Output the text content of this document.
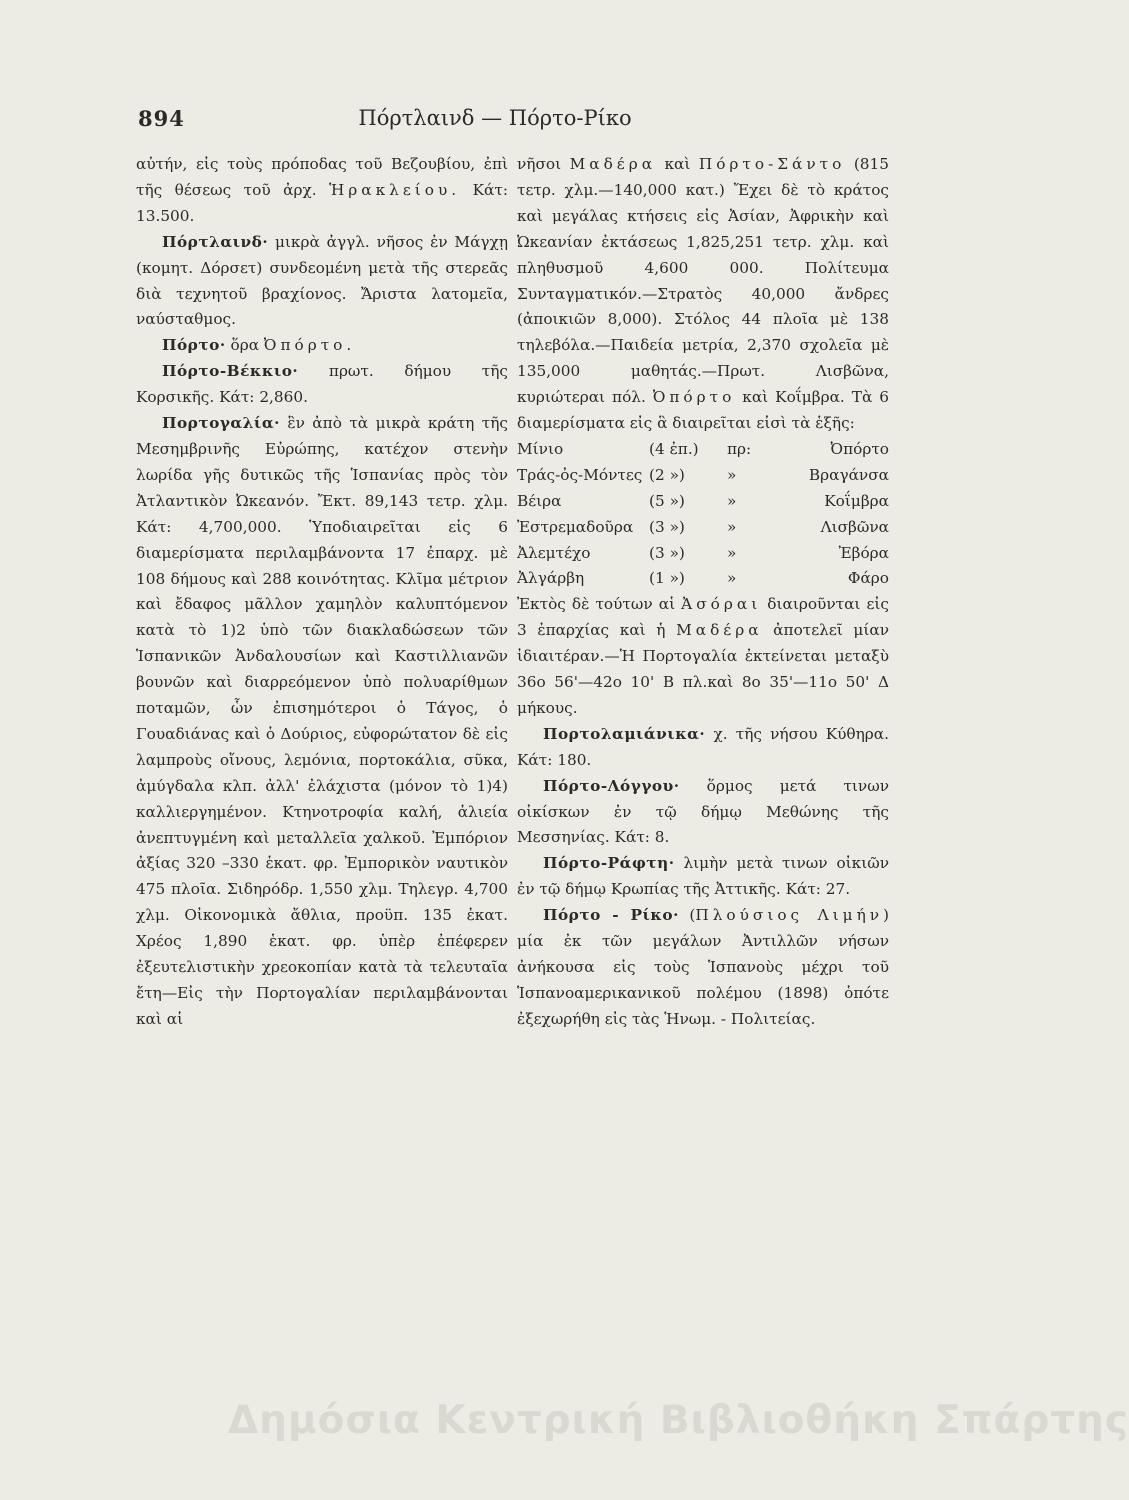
894	Πόρτλαινδ — Πόρτο-Ρίκο

αὐτήν, εἰς τοὺς πρόποδας τοῦ Βεζουβίου, ἐπὶ τῆς θέσεως τοῦ ἀρχ. Ἡρακλείου. Κάτ: 13.500.

Πόρτλαινδ· μικρὰ ἀγγλ. νῆσος ἐν Μάγχῃ (κομητ. Δόρσετ) συνδεομένη μετὰ τῆς στερεᾶς διὰ τεχνητοῦ βραχίονος. Ἄριστα λατομεῖα, ναύσταθμος.

Πόρτο· ὅρα Ὀπόρτο.

Πόρτο-Βέκκιο· πρωτ. δήμου τῆς Κορσικῆς. Κάτ: 2,860.

Πορτογαλία· ἓν ἀπὸ τὰ μικρὰ κράτη τῆς Μεσημβρινῆς Εὐρώπης, κατέχον στενὴν λωρίδα γῆς δυτικῶς τῆς Ἱσπανίας πρὸς τὸν Ἀτλαντικὸν Ὠκεανόν. Ἔκτ. 89,143 τετρ. χλμ. Κάτ: 4,700,000. Ὑποδιαιρεῖται εἰς 6 διαμερίσματα περιλαμβάνοντα 17 ἐπαρχ. μὲ 108 δήμους καὶ 288 κοινότητας. Κλῖμα μέτριον καὶ ἔδαφος μᾶλλον χαμηλὸν καλυπτόμενον κατὰ τὸ 1)2 ὑπὸ τῶν διακλαδώσεων τῶν Ἱσπανικῶν Ἀνδαλουσίων καὶ Καστιλλιανῶν βουνῶν καὶ διαρρεόμενον ὑπὸ πολυαρίθμων ποταμῶν, ὧν ἐπισημότεροι ὁ Τάγος, ὁ Γουαδιάνας καὶ ὁ Δούριος, εὐφορώτατον δὲ εἰς λαμπροὺς οἴνους, λεμόνια, πορτοκάλια, σῦκα, ἀμύγδαλα κλπ. ἀλλ' ἐλάχιστα (μόνον τὸ 1)4) καλλιεργημένον. Κτηνοτροφία καλή, ἁλιεία ἀνεπτυγμένη καὶ μεταλλεῖα χαλκοῦ. Ἐμπόριον ἀξίας 320 –330 ἑκατ. φρ. Ἐμπορικὸν ναυτικὸν 475 πλοῖα. Σιδηρόδρ. 1,550 χλμ. Τηλεγρ. 4,700 χλμ. Οἰκονομικὰ ἄθλια, προϋπ. 135 ἑκατ. Χρέος 1,890 ἑκατ. φρ. ὑπὲρ ἐπέφερεν ἐξευτελιστικὴν χρεοκοπίαν κατὰ τὰ τελευταῖα ἔτη—Εἰς τὴν Πορτογαλίαν περιλαμβάνονται καὶ αἱ

νῆσοι Μαδέρα καὶ Πόρτο-Σάντο (815 τετρ. χλμ.—140,000 κατ.) Ἔχει δὲ τὸ κράτος καὶ μεγάλας κτήσεις εἰς Ἀσίαν, Ἀφρικὴν καὶ Ὠκεανίαν ἐκτάσεως 1,825,251 τετρ. χλμ. καὶ πληθυσμοῦ 4,600 000. Πολίτευμα Συνταγματικόν.—Στρατὸς 40,000 ἄνδρες (ἀποικιῶν 8,000). Στόλος 44 πλοῖα μὲ 138 τηλεβόλα.—Παιδεία μετρία, 2,370 σχολεῖα μὲ 135,000 μαθητάς.—Πρωτ. Λισβῶνα, κυριώτεραι πόλ. Ὀπόρτο καὶ Κοΐμβρα. Τὰ 6 διαμερίσματα εἰς ἃ διαιρεῖται εἰσὶ τὰ ἑξῆς:

Μίνιο	(4 ἐπ.)	πρ:	Ὀπόρτο
Τράς-ὀς-Μόντες (2 »)	»	Βραγάνσα
Βέιρα	(5 »)	»	Κοΐμβρα
Ἐστρεμαδοῦρα	(3 »)	»	Λισβῶνα
Ἀλεμτέχο	(3 »)	»	Ἐβόρα
Ἀλγάρβη	(1 »)	»	Φάρο

Ἐκτὸς δὲ τούτων αἱ Ἀσόραι διαιροῦνται εἰς 3 ἐπαρχίας καὶ ἡ Μαδέρα ἀποτελεῖ μίαν ἰδιαιτέραν.—Ἡ Πορτογαλία ἐκτείνεται μεταξὺ 36ο 56'—42ο 10' Β πλ.καὶ 8ο 35'—11ο 50' Δ μήκους.

Πορτολαμιάνικα· χ. τῆς νήσου Κύθηρα. Κάτ: 180.

Πόρτο-Λόγγου· ὅρμος μετά τινων οἰκίσκων ἐν τῷ δήμῳ Μεθώνης τῆς Μεσσηνίας. Κάτ: 8.

Πόρτο-Ράφτη· λιμὴν μετὰ τινων οἰκιῶν ἐν τῷ δήμῳ Κρωπίας τῆς Ἀττικῆς. Κάτ: 27.

Πόρτο - Ρίκο· (Πλούσιος Λιμήν) μία ἐκ τῶν μεγάλων Ἀντιλλῶν νήσων ἀνήκουσα εἰς τοὺς Ἱσπανοὺς μέχρι τοῦ Ἱσπανοαμερικανικοῦ πολέμου (1898) ὁπότε ἐξεχωρήθη εἰς τὰς Ἡνωμ. - Πολιτείας.

Δημόσια Κεντρική Βιβλιοθήκη Σπάρτης
